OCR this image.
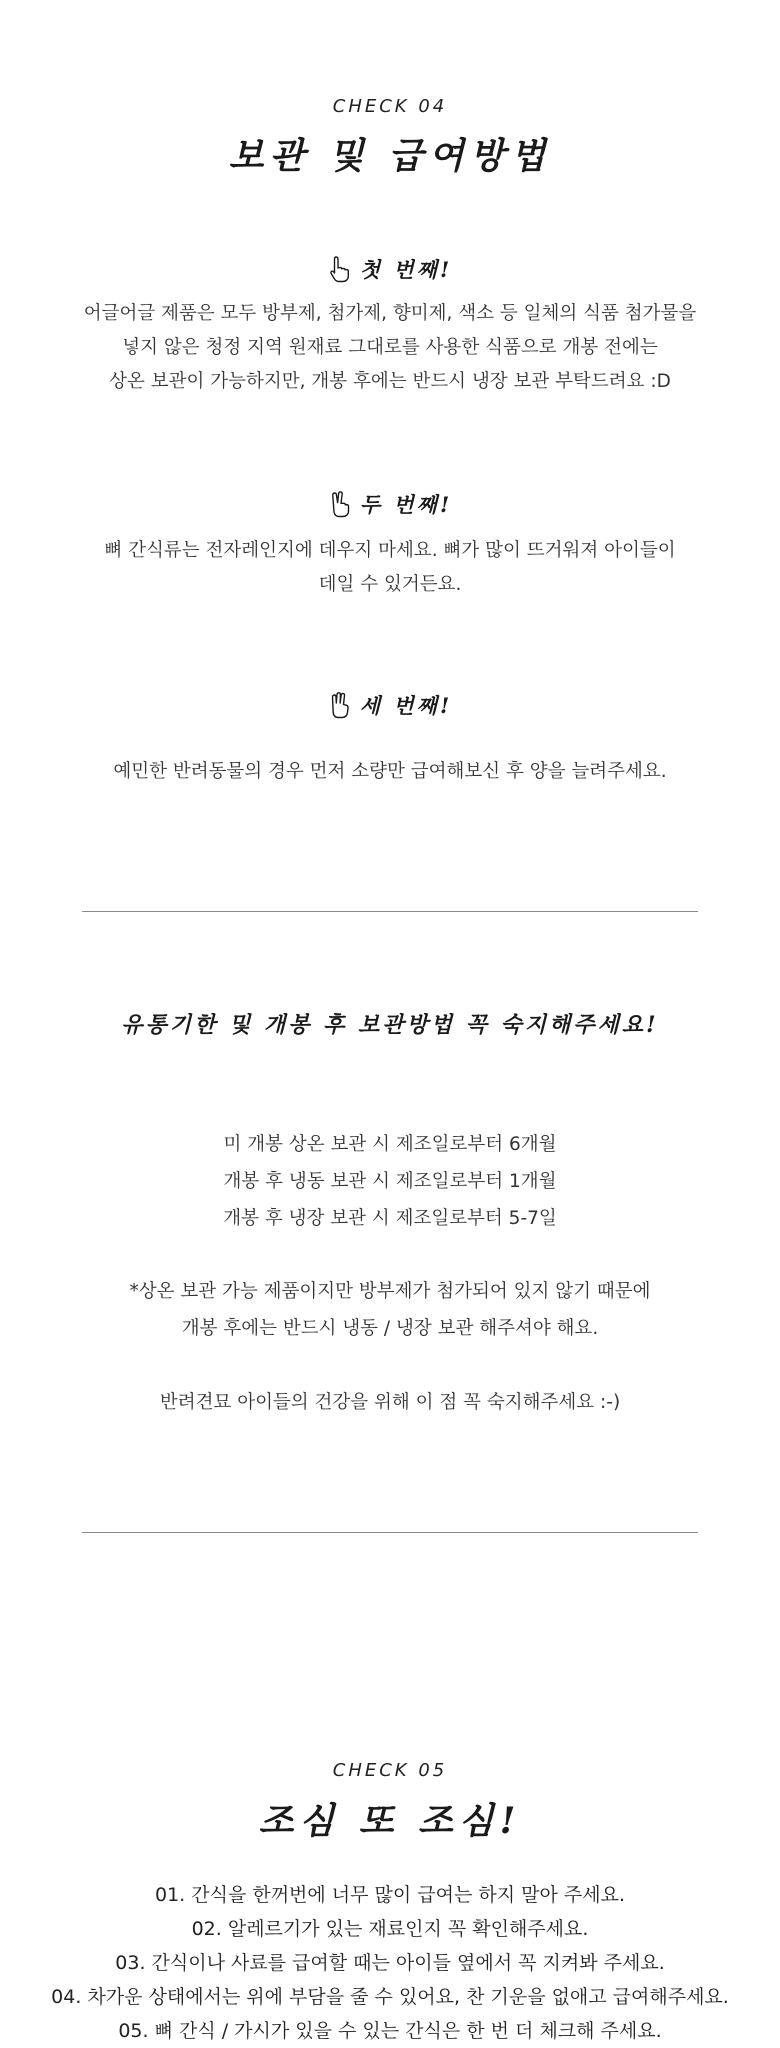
CHECK 04
보관 및 급여방법
첫 번째!
어글어글 제품은 모두 방부제, 첨가제, 향미제, 색소 등 일체의 식품 첨가물을
넣지 않은 청정 지역 원재료 그대로를 사용한 식품으로 개봉 전에는
상온 보관이 가능하지만, 개봉 후에는 반드시 냉장 보관 부탁드려요 :D
두 번째!
뼈 간식류는 전자레인지에 데우지 마세요. 뼈가 많이 뜨거워져 아이들이
데일 수 있거든요.
세 번째!
예민한 반려동물의 경우 먼저 소량만 급여해보신 후 양을 늘려주세요.
유통기한 및 개봉 후 보관방법 꼭 숙지해주세요!
미 개봉 상온 보관 시 제조일로부터 6개월
개봉 후 냉동 보관 시 제조일로부터 1개월
개봉 후 냉장 보관 시 제조일로부터 5-7일
*상온 보관 가능 제품이지만 방부제가 첨가되어 있지 않기 때문에
개봉 후에는 반드시 냉동 / 냉장 보관 해주셔야 해요.
반려견묘 아이들의 건강을 위해 이 점 꼭 숙지해주세요 :-)
CHECK 05
조심 또 조심!
01. 간식을 한꺼번에 너무 많이 급여는 하지 말아 주세요.
02. 알레르기가 있는 재료인지 꼭 확인해주세요.
03. 간식이나 사료를 급여할 때는 아이들 옆에서 꼭 지켜봐 주세요.
04. 차가운 상태에서는 위에 부담을 줄 수 있어요, 찬 기운을 없애고 급여해주세요.
05. 뼈 간식 / 가시가 있을 수 있는 간식은 한 번 더 체크해 주세요.
